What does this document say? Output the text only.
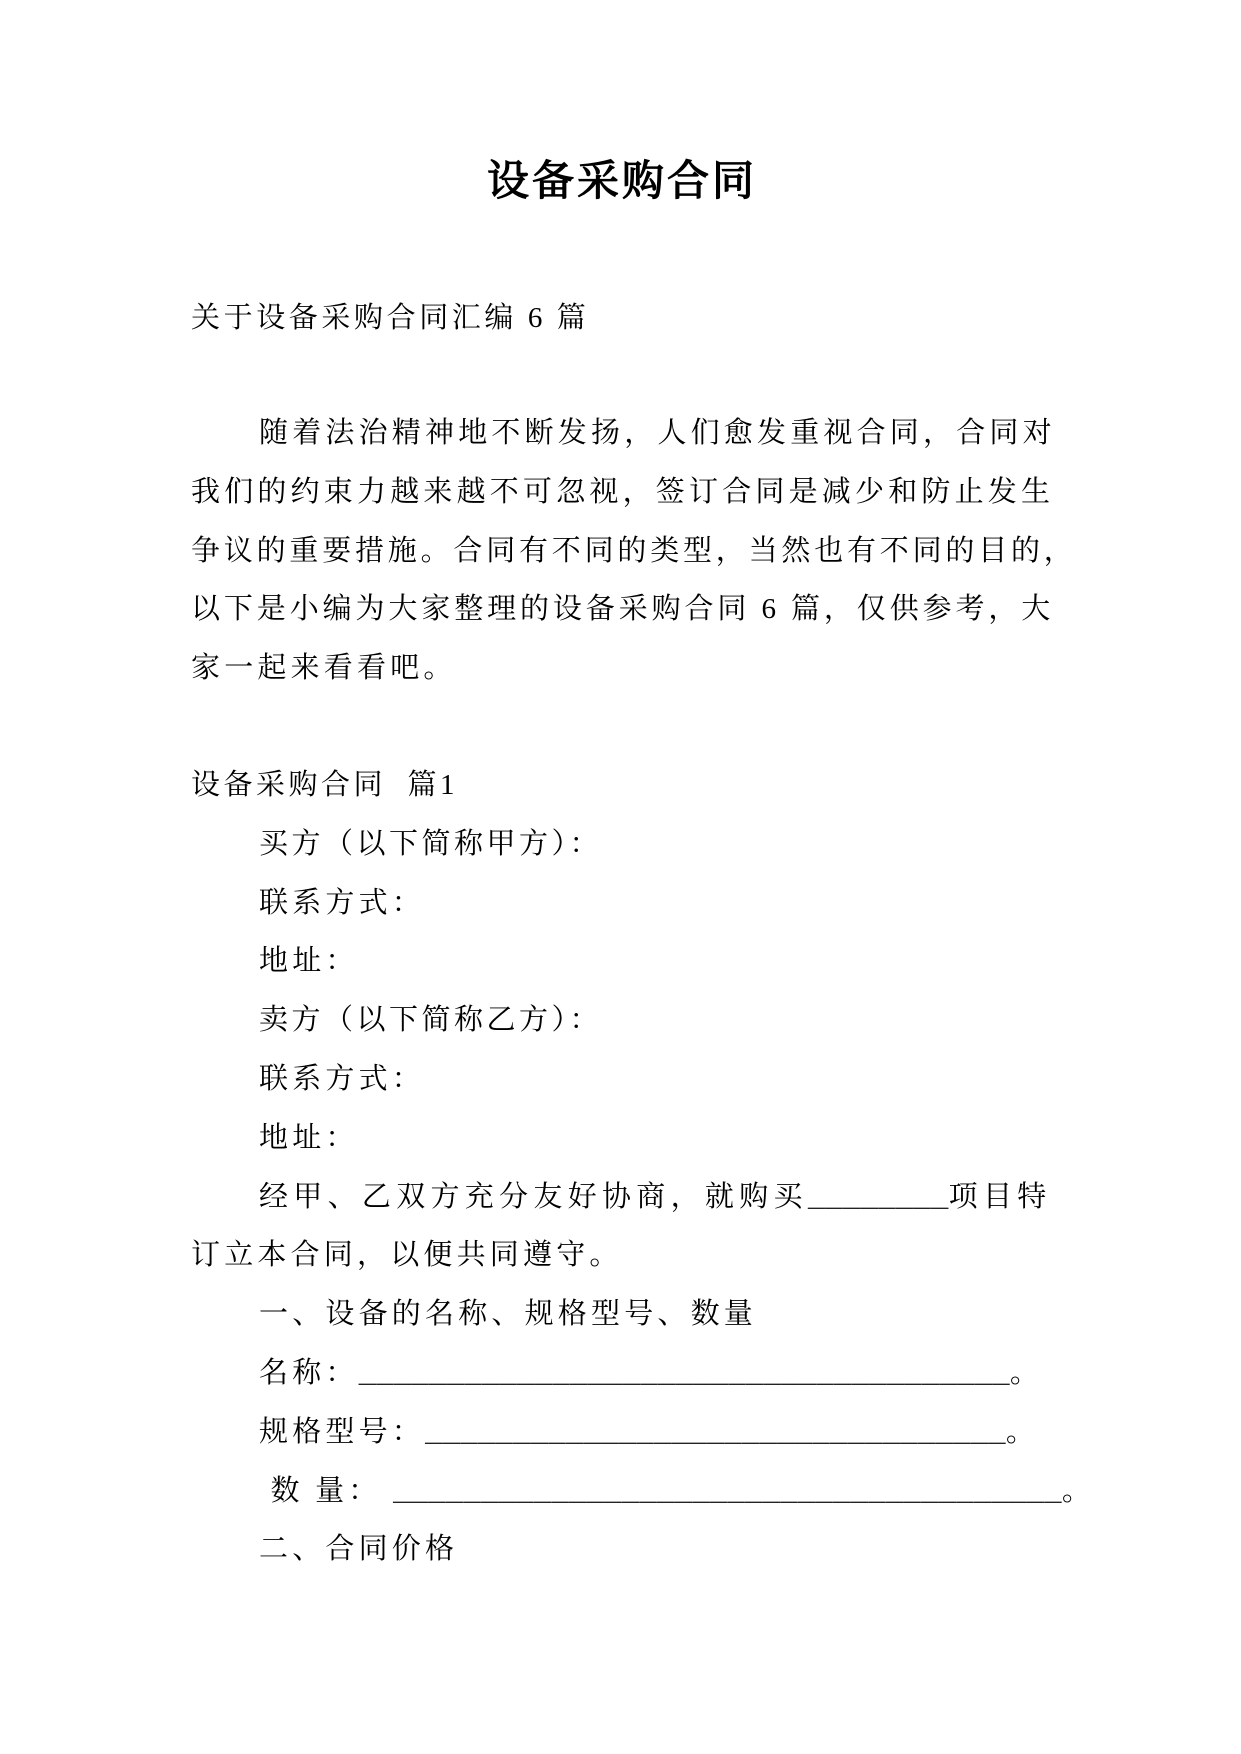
设备采购合同
关于设备采购合同汇编 6 篇
随着法治精神地不断发扬，人们愈发重视合同，合同对
我们的约束力越来越不可忽视，签订合同是减少和防止发生
争议的重要措施。合同有不同的类型，当然也有不同的目的，
以下是小编为大家整理的设备采购合同 6 篇，仅供参考，大
家一起来看看吧。
设备采购合同  篇1
买方（以下简称甲方）：
联系方式：
地址：
卖方（以下简称乙方）：
联系方式：
地址：
经甲、乙双方充分友好协商，就购买________项目特
订立本合同，以便共同遵守。
一、设备的名称、规格型号、数量
名称：_____________________________________。
规格型号：_________________________________。
数 量： ______________________________________。
二、合同价格
